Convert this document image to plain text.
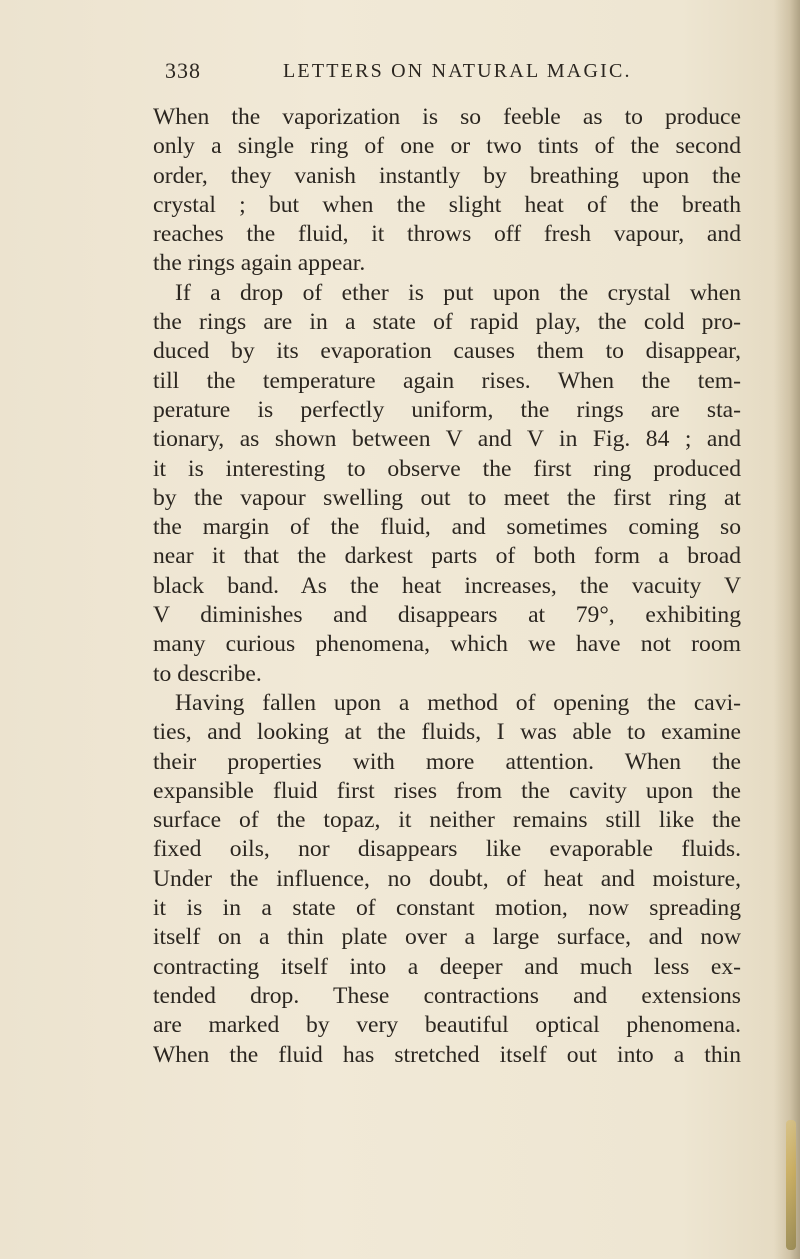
338	LETTERS ON NATURAL MAGIC.
When the vaporization is so feeble as to produce
only a single ring of one or two tints of the second
order, they vanish instantly by breathing upon the
crystal ; but when the slight heat of the breath
reaches the fluid, it throws off fresh vapour, and
the rings again appear.
If a drop of ether is put upon the crystal when
the rings are in a state of rapid play, the cold pro-
duced by its evaporation causes them to disappear,
till the temperature again rises. When the tem-
perature is perfectly uniform, the rings are sta-
tionary, as shown between V and V in Fig. 84 ; and
it is interesting to observe the first ring produced
by the vapour swelling out to meet the first ring at
the margin of the fluid, and sometimes coming so
near it that the darkest parts of both form a broad
black band. As the heat increases, the vacuity V
V diminishes and disappears at 79°, exhibiting
many curious phenomena, which we have not room
to describe.
Having fallen upon a method of opening the cavi-
ties, and looking at the fluids, I was able to examine
their properties with more attention. When the
expansible fluid first rises from the cavity upon the
surface of the topaz, it neither remains still like the
fixed oils, nor disappears like evaporable fluids.
Under the influence, no doubt, of heat and moisture,
it is in a state of constant motion, now spreading
itself on a thin plate over a large surface, and now
contracting itself into a deeper and much less ex-
tended drop. These contractions and extensions
are marked by very beautiful optical phenomena.
When the fluid has stretched itself out into a thin
